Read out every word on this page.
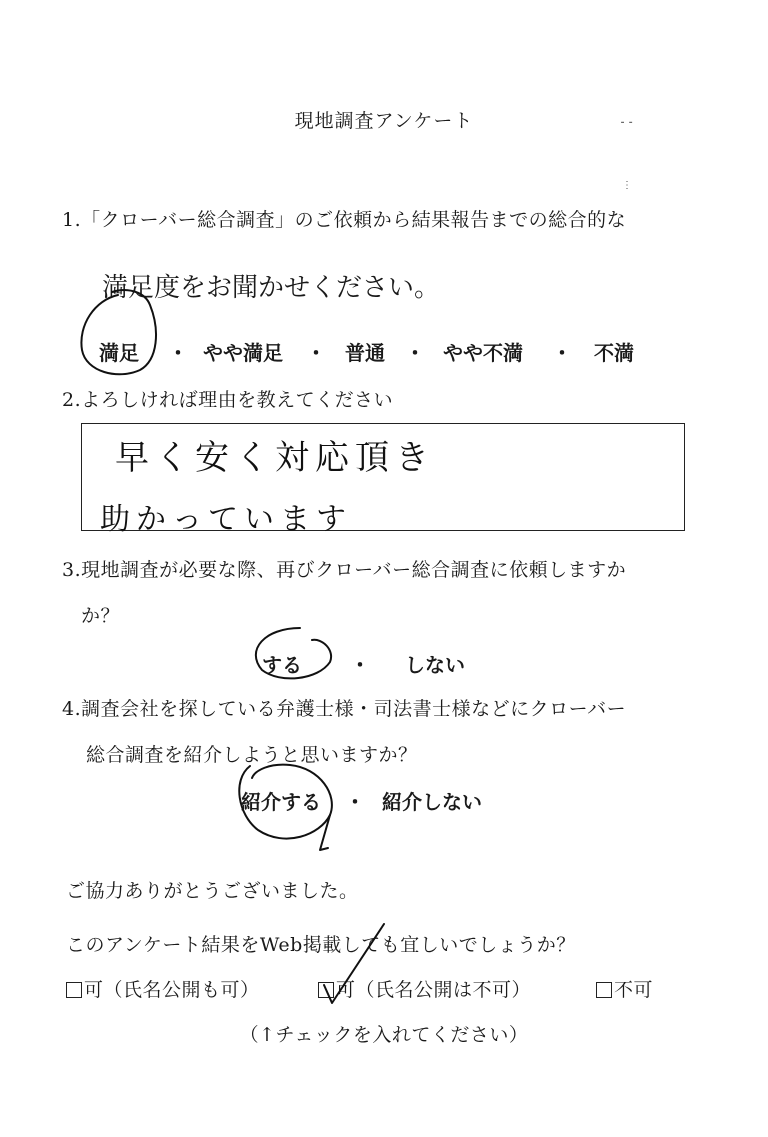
現地調査アンケート	⁃ ⁃
⋮
1.「クローバー総合調査」のご依頼から結果報告までの総合的な
満足度をお聞かせください。
満足 ・ やや満足 ・ 普通 ・ やや不満 ・ 不満
2.よろしければ理由を教えてください
早く安く対応頂き
助かっています
3.現地調査が必要な際、再びクローバー総合調査に依頼しますか
か？
する ・ しない
4.調査会社を探している弁護士様・司法書士様などにクローバー
総合調査を紹介しようと思いますか？
紹介する ・ 紹介しない
ご協力ありがとうございました。
このアンケート結果をWeb掲載しても宜しいでしょうか？
可（氏名公開も可）	可（氏名公開は不可）	不可
（↑チェックを入れてください）
